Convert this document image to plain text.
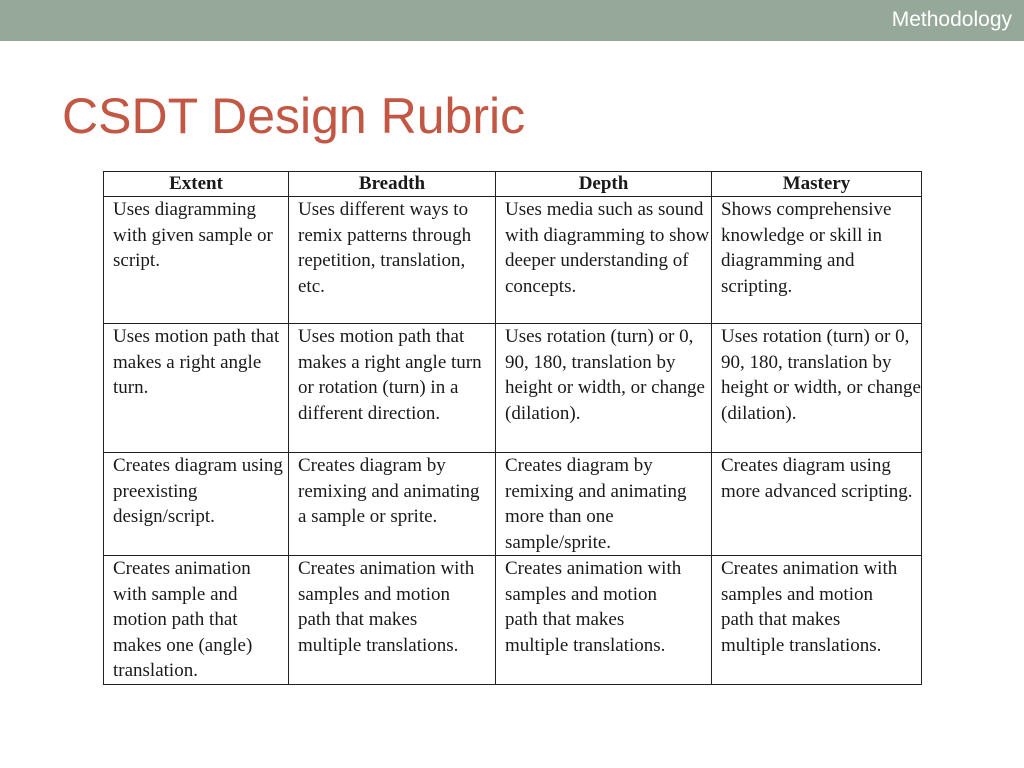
Methodology
CSDT Design Rubric
Extent	Breadth	Depth	Mastery
Uses diagramming with given sample or script.	Uses different ways to remix patterns through repetition, translation, etc.	Uses media such as sound with diagramming to show deeper understanding of concepts.	Shows comprehensive knowledge or skill in diagramming and scripting.
Uses motion path that makes a right angle turn.	Uses motion path that makes a right angle turn or rotation (turn) in a different direction.	Uses rotation (turn) or 0, 90, 180, translation by height or width, or change (dilation).	Uses rotation (turn) or 0, 90, 180, translation by height or width, or change (dilation).
Creates diagram using preexisting design/script.	Creates diagram by remixing and animating a sample or sprite.	Creates diagram by remixing and animating more than one sample/sprite.	Creates diagram using more advanced scripting.
Creates animation with sample and motion path that makes one (angle) translation.	Creates animation with samples and motion path that makes multiple translations.	Creates animation with samples and motion path that makes multiple translations.	Creates animation with samples and motion path that makes multiple translations.
